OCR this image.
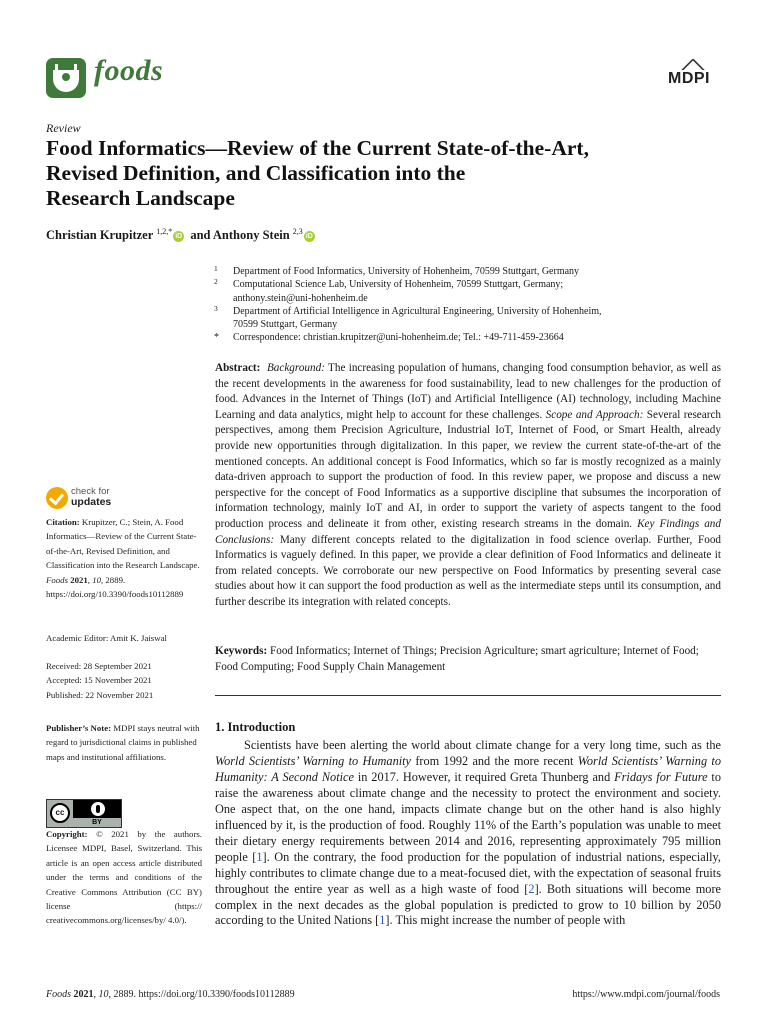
foods	MDPI
Review
Food Informatics—Review of the Current State-of-the-Art,
Revised Definition, and Classification into the
Research Landscape
Christian Krupitzer $^{1,2,*}$iD and Anthony Stein $^{2,3}$iD
1 Department of Food Informatics, University of Hohenheim, 70599 Stuttgart, Germany
2 Computational Science Lab, University of Hohenheim, 70599 Stuttgart, Germany;
anthony.stein@uni-hohenheim.de
3 Department of Artificial Intelligence in Agricultural Engineering, University of Hohenheim,
70599 Stuttgart, Germany
* Correspondence: christian.krupitzer@uni-hohenheim.de; Tel.: +49-711-459-23664
Abstract: Background: The increasing population of humans, changing food consumption behavior, as well as the recent developments in the awareness for food sustainability, lead to new challenges for the production of food. Advances in the Internet of Things (IoT) and Artificial Intelligence (AI) technology, including Machine Learning and data analytics, might help to account for these challenges. Scope and Approach: Several research perspectives, among them Precision Agriculture, Industrial IoT, Internet of Food, or Smart Health, already provide new opportunities through digitalization. In this paper, we review the current state-of-the-art of the mentioned concepts. An additional concept is Food Informatics, which so far is mostly recognized as a mainly data-driven approach to support the production of food. In this review paper, we propose and discuss a new perspective for the concept of Food Informatics as a supportive discipline that subsumes the incorporation of information technology, mainly IoT and AI, in order to support the variety of aspects tangent to the food production process and delineate it from other, existing research streams in the domain. Key Findings and Conclusions: Many different concepts related to the digitalization in food science overlap. Further, Food Informatics is vaguely defined. In this paper, we provide a clear definition of Food Informatics and delineate it from related concepts. We corroborate our new perspective on Food Informatics by presenting several case studies about how it can support the food production as well as the intermediate steps until its consumption, and further describe its integration with related concepts.
Keywords: Food Informatics; Internet of Things; Precision Agriculture; smart agriculture; Internet of Food; Food Computing; Food Supply Chain Management
check for
updates
Citation: Krupitzer, C.; Stein, A. Food Informatics—Review of the Current State-of-the-Art, Revised Definition, and Classification into the Research Landscape. Foods 2021, 10, 2889. https://doi.org/10.3390/foods10112889
Academic Editor: Amit K. Jaiswal
Received: 28 September 2021
Accepted: 15 November 2021
Published: 22 November 2021
Publisher’s Note: MDPI stays neutral with regard to jurisdictional claims in published maps and institutional affiliations.
cc
BY
Copyright: © 2021 by the authors. Licensee MDPI, Basel, Switzerland. This article is an open access article distributed under the terms and conditions of the Creative Commons Attribution (CC BY) license (https:// creativecommons.org/licenses/by/ 4.0/).
1. Introduction

Scientists have been alerting the world about climate change for a very long time, such as the World Scientists’ Warning to Humanity from 1992 and the more recent World Scientists’ Warning to Humanity: A Second Notice in 2017. However, it required Greta Thunberg and Fridays for Future to raise the awareness about climate change and the necessity to protect the environment and society. One aspect that, on the one hand, impacts climate change but on the other hand is also highly influenced by it, is the production of food. Roughly 11% of the Earth’s population was unable to meet their dietary energy requirements between 2014 and 2016, representing approximately 795 million people [1]. On the contrary, the food production for the population of industrial nations, especially, highly contributes to climate change due to a meat-focused diet, with the expectation of seasonal fruits throughout the entire year as well as a high waste of food [2]. Both situations will become more complex in the next decades as the global population is predicted to grow to 10 billion by 2050 according to the United Nations [1]. This might increase the number of people with

Foods 2021, 10, 2889. https://doi.org/10.3390/foods10112889	https://www.mdpi.com/journal/foods
